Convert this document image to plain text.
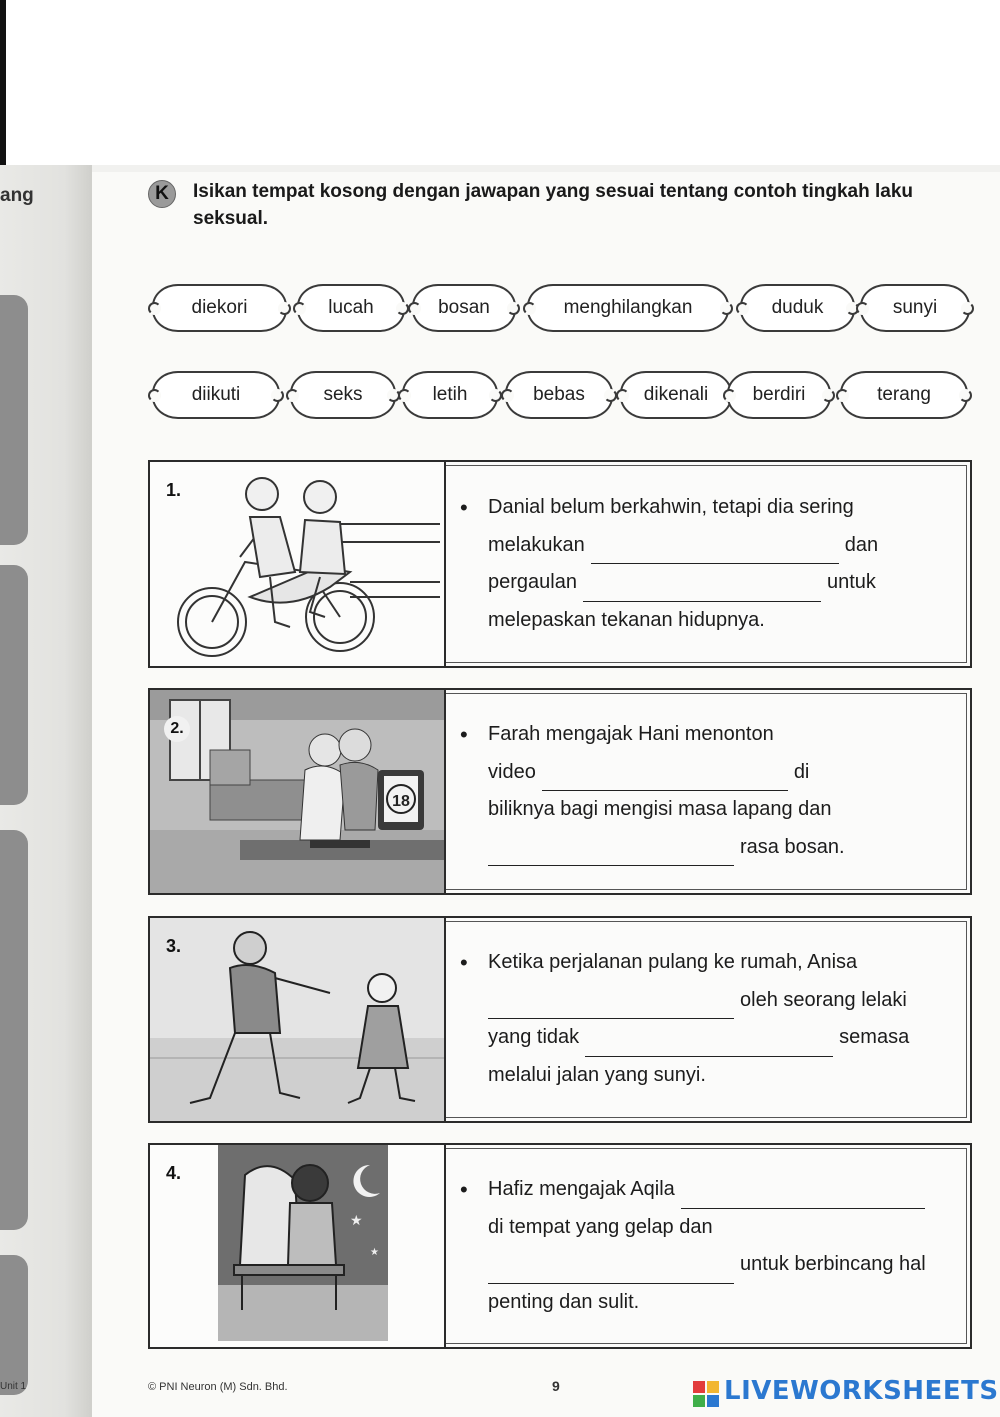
ang
Unit 1
K	Isikan tempat kosong dengan jawapan yang sesuai tentang contoh tingkah laku seksual.
diekori	lucah	bosan	menghilangkan	duduk	sunyi
diikuti	seks	letih	bebas	dikenali	berdiri	terang
1.
•	Danial belum berkahwin, tetapi dia sering
melakukan	dan
pergaulan	untuk
melepaskan tekanan hidupnya.
18
2.	•	Farah mengajak Hani menonton
video	di
biliknya bagi mengisi masa lapang dan
rasa bosan.
3.
•	Ketika perjalanan pulang ke rumah, Anisa
oleh seorang lelaki
yang tidak	semasa
melalui jalan yang sunyi.
★
★
4.
•	Hafiz mengajak Aqila
di tempat yang gelap dan
untuk berbincang hal
penting dan sulit.
© PNI Neuron (M) Sdn. Bhd.	9	LIVEWORKSHEETS
